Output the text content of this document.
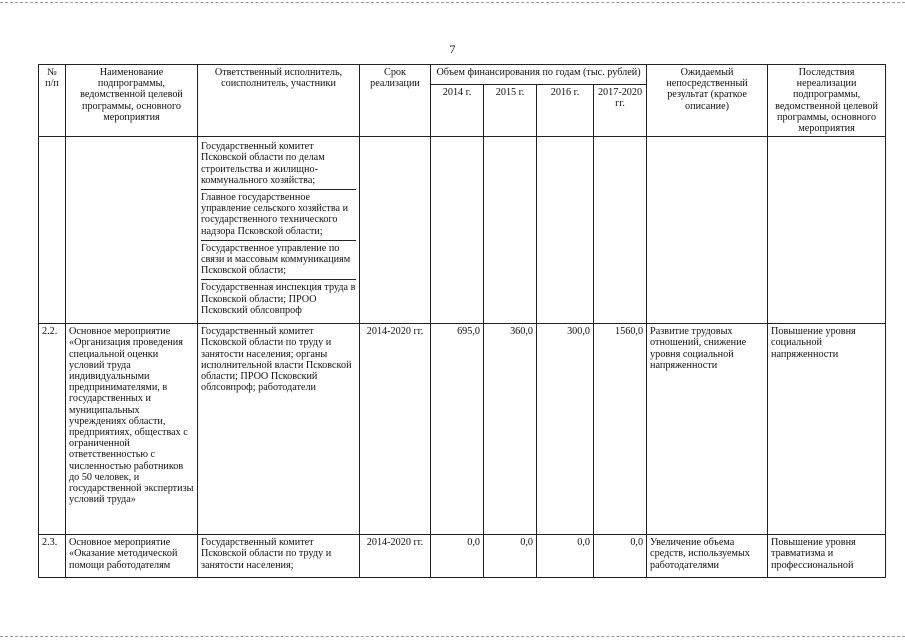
7
№ п/п	Наименование подпрограммы, ведомственной целевой программы, основного мероприятия	Ответственный исполнитель, соисполнитель, участники	Срок реализации	Объем финансирования по годам (тыс. рублей)				Ожидаемый непосредственный результат (краткое описание)	Последствия нереализации подпрограммы, ведомственной целевой программы, основного мероприятия
				2014 г.	2015 г.	2016 г.	2017-2020 гг.		

		Государственный комитет Псковской области по делам строительства и жилищно-коммунального хозяйства;
Главное государственное управление сельского хозяйства и государственного технического надзора Псковской области;
Государственное управление по связи и массовым коммуникациям Псковской области;
Государственная инспекция труда в Псковской области; ПРОО Псковский облсовпроф							

2.2.	Основное мероприятие «Организация проведения специальной оценки условий труда индивидуальными предпринимателями, в государственных и муниципальных учреждениях области, предприятиях, обществах с ограниченной ответственностью с численностью работников до 50 человек, и государственной экспертизы условий труда»	Государственный комитет Псковской области по труду и занятости населения; органы исполнительной власти Псковской области; ПРОО Псковский облсовпроф; работодатели	2014-2020 гг.	695,0	360,0	300,0	1560,0	Развитие трудовых отношений, снижение уровня социальной напряженности	Повышение уровня социальной напряженности
2.3.	Основное мероприятие «Оказание методической помощи работодателям	Государственный комитет Псковской области по труду и занятости населения;	2014-2020 гг.	0,0	0,0	0,0	0,0	Увеличение объема средств, используемых работодателями	Повышение уровня травматизма и профессиональной
